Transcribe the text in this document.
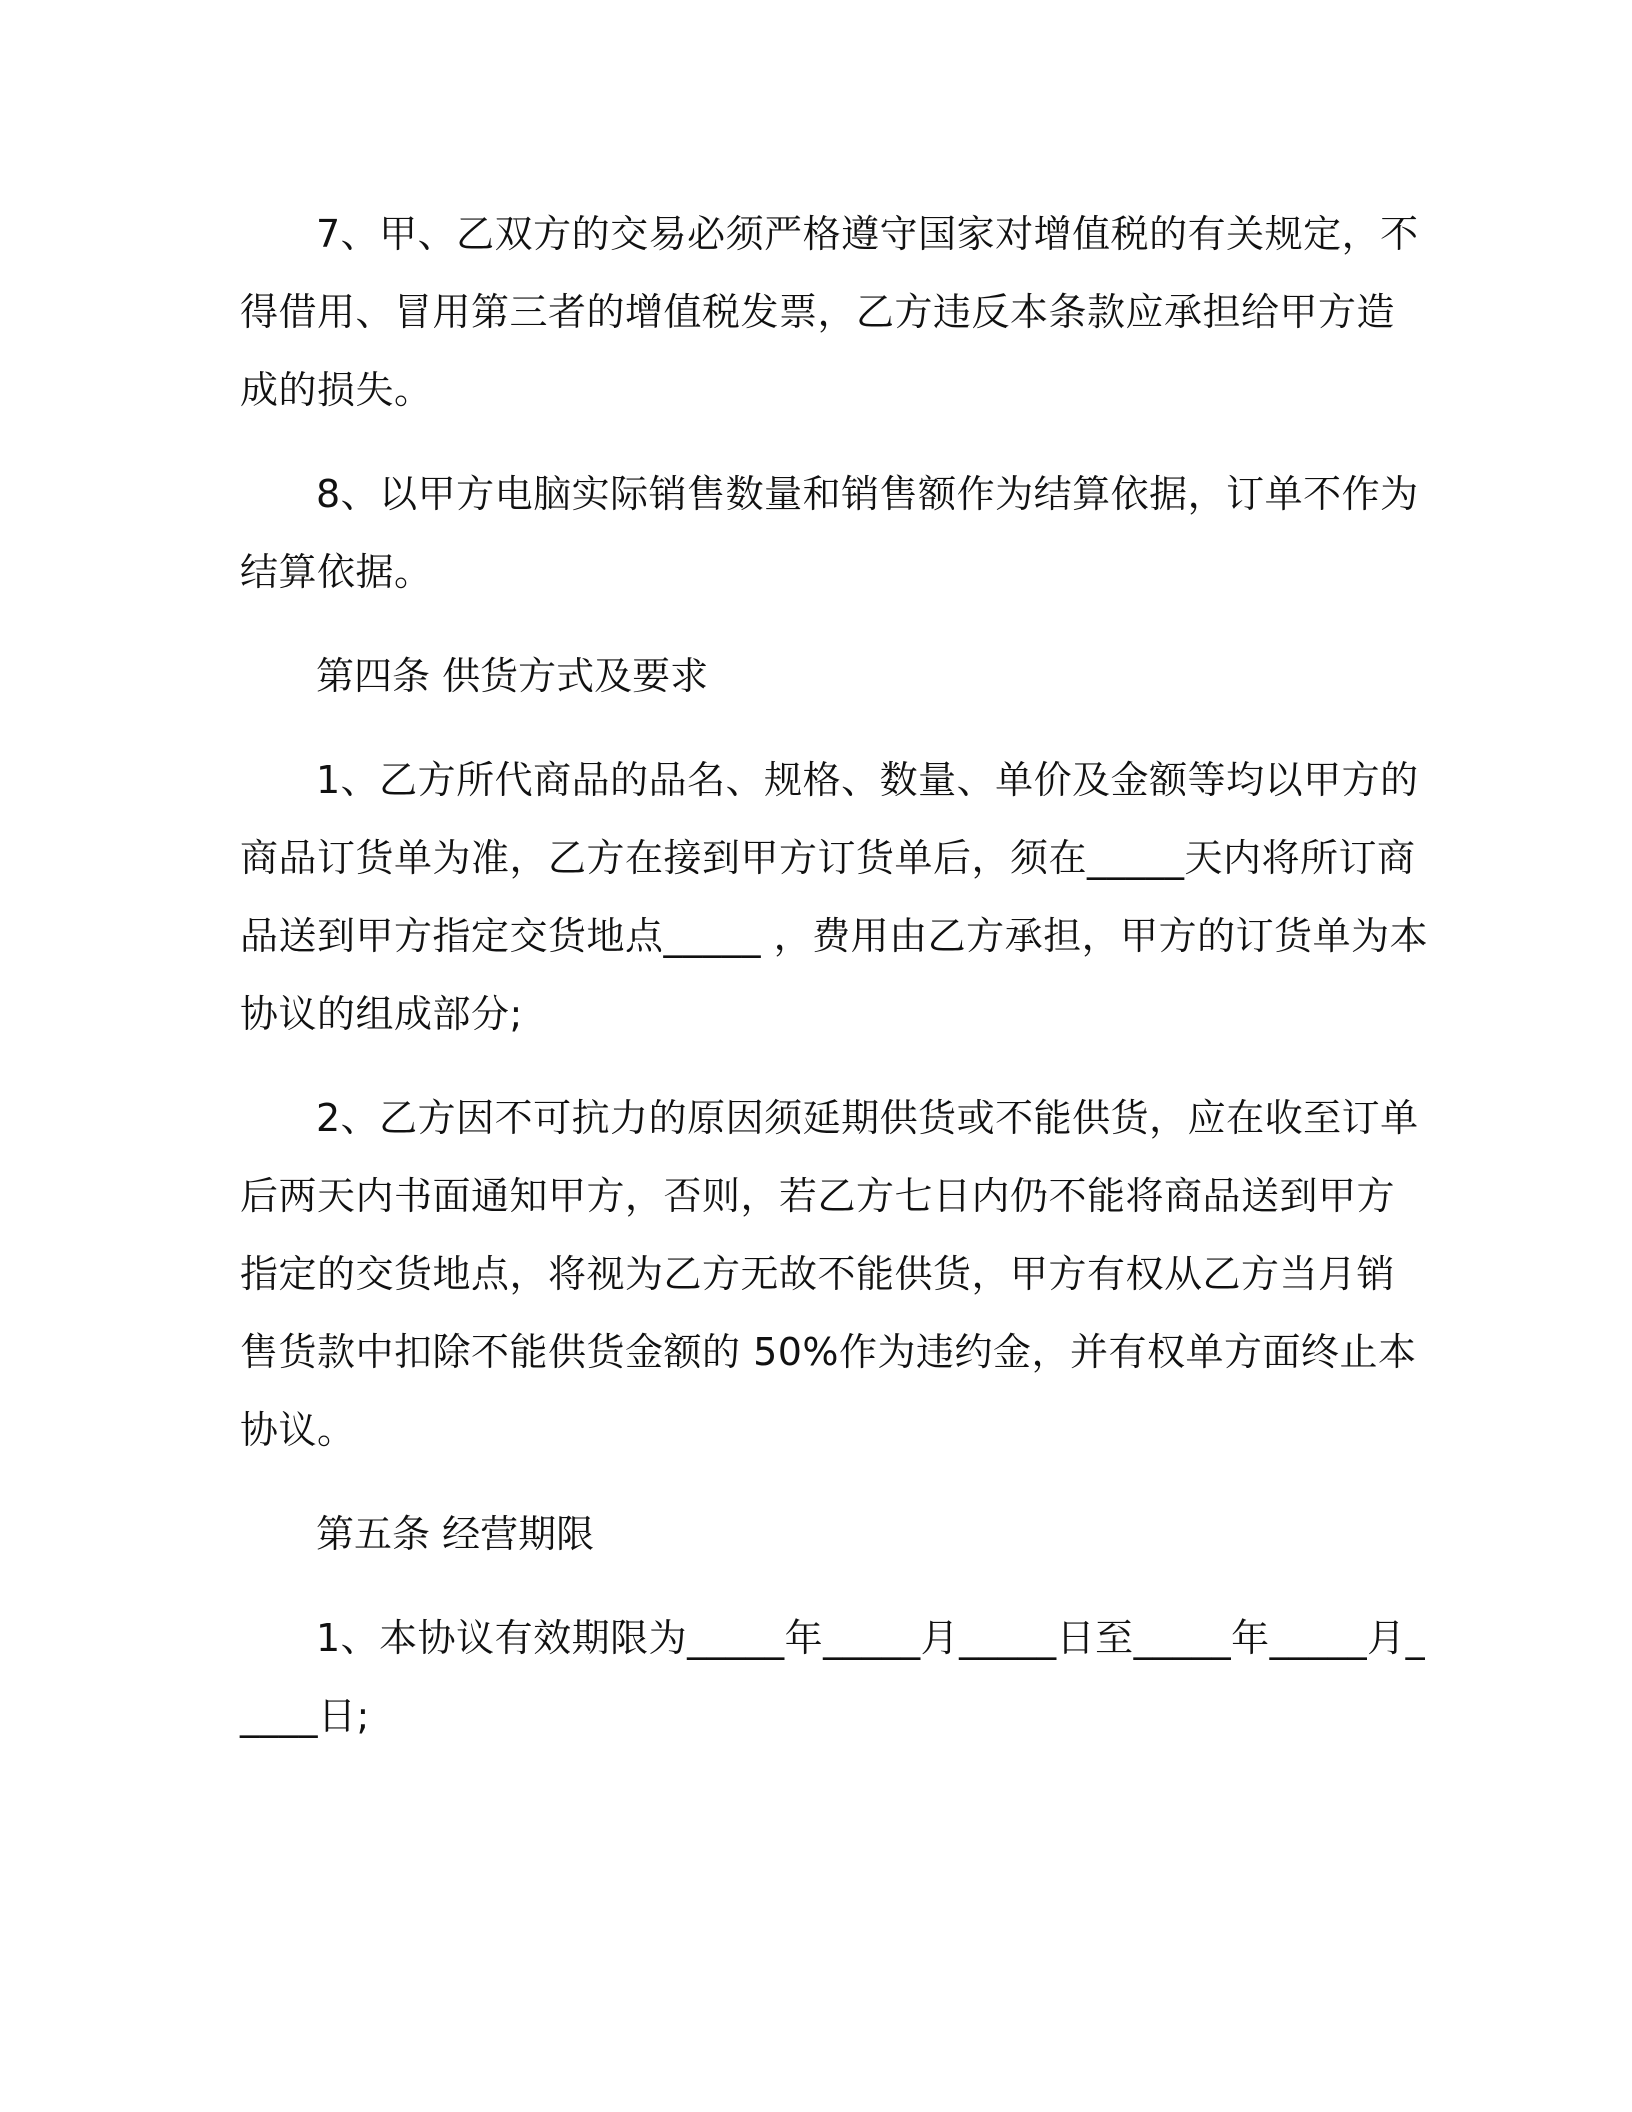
7、甲、乙双方的交易必须严格遵守国家对增值税的有关规定，不得借用、冒用第三者的增值税发票，乙方违反本条款应承担给甲方造成的损失。

8、以甲方电脑实际销售数量和销售额作为结算依据，订单不作为结算依据。

第四条 供货方式及要求

1、乙方所代商品的品名、规格、数量、单价及金额等均以甲方的商品订货单为准，乙方在接到甲方订货单后，须在_____天内将所订商品送到甲方指定交货地点_____ ，费用由乙方承担，甲方的订货单为本协议的组成部分;

2、乙方因不可抗力的原因须延期供货或不能供货，应在收至订单后两天内书面通知甲方，否则，若乙方七日内仍不能将商品送到甲方指定的交货地点，将视为乙方无故不能供货，甲方有权从乙方当月销售货款中扣除不能供货金额的 50%作为违约金，并有权单方面终止本协议。

第五条 经营期限

1、本协议有效期限为_____年_____月_____日至_____年_____月_____日;
